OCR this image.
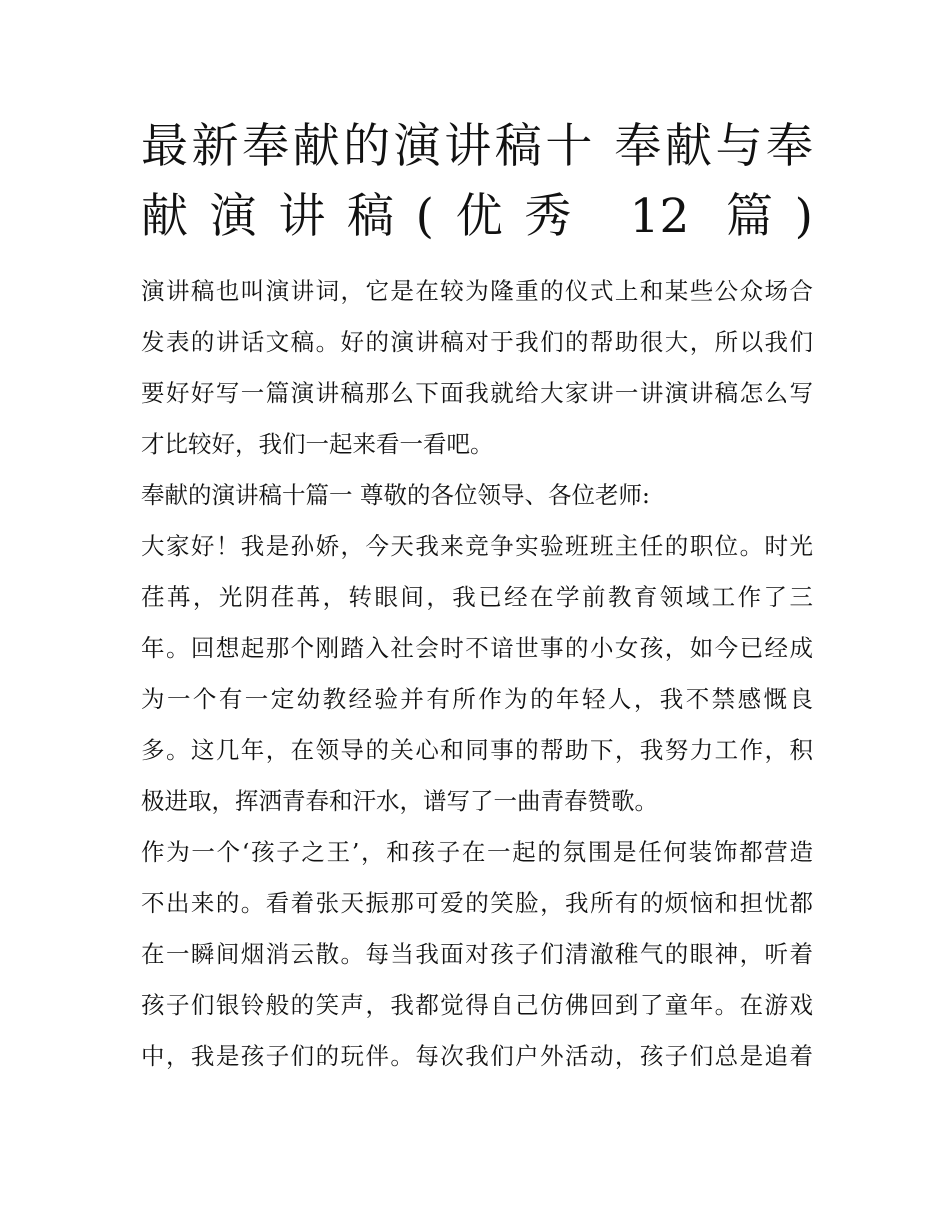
最新奉献的演讲稿十 奉献与奉
献演讲稿(优秀 12 篇)

演讲稿也叫演讲词，它是在较为隆重的仪式上和某些公众场合
发表的讲话文稿。好的演讲稿对于我们的帮助很大，所以我们
要好好写一篇演讲稿那么下面我就给大家讲一讲演讲稿怎么写
才比较好，我们一起来看一看吧。

奉献的演讲稿十篇一 尊敬的各位领导、各位老师:

大家好！我是孙娇，今天我来竞争实验班班主任的职位。时光
荏苒，光阴荏苒，转眼间，我已经在学前教育领域工作了三
年。回想起那个刚踏入社会时不谙世事的小女孩，如今已经成
为一个有一定幼教经验并有所作为的年轻人，我不禁感慨良
多。这几年，在领导的关心和同事的帮助下，我努力工作，积
极进取，挥洒青春和汗水，谱写了一曲青春赞歌。

作为一个‘孩子之王’，和孩子在一起的氛围是任何装饰都营造
不出来的。看着张天振那可爱的笑脸，我所有的烦恼和担忧都
在一瞬间烟消云散。每当我面对孩子们清澈稚气的眼神，听着
孩子们银铃般的笑声，我都觉得自己仿佛回到了童年。在游戏
中，我是孩子们的玩伴。每次我们户外活动，孩子们总是追着
